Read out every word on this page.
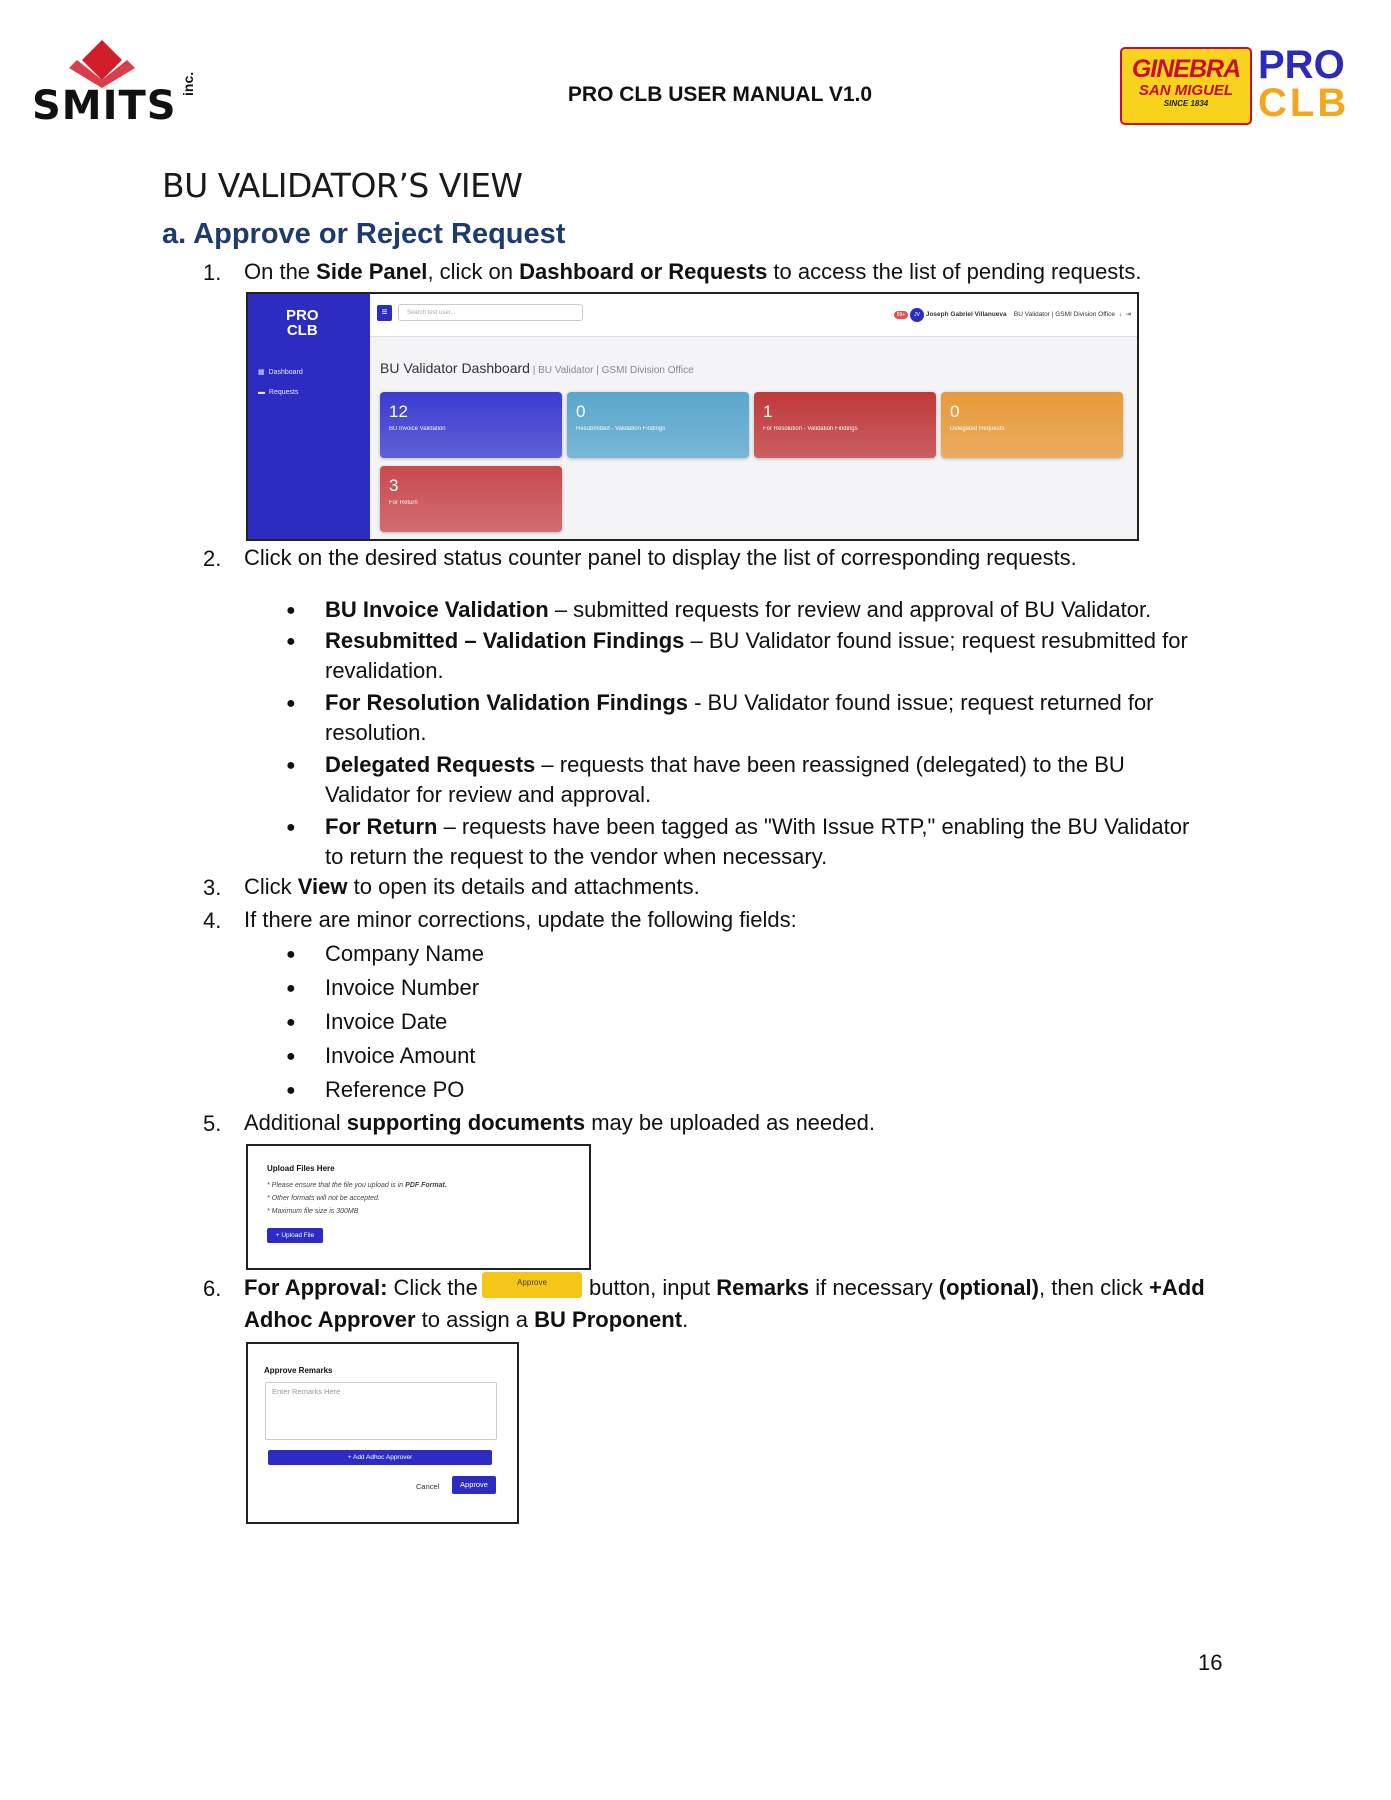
SMITS inc.	PRO CLB USER MANUAL V1.0
GINEBRA
SAN MIGUEL
SINCE 1834
PRO
CLB
BU VALIDATOR’S VIEW
a. Approve or Reject Request
1. On the Side Panel, click on Dashboard or Requests to access the list of pending requests.
PRO
CLB
▦ Dashboard
▬ Requests
≡	Search test user...	99+ JV Joseph Gabriel Villanueva BU Validator | GSMI Division Office ↓ ⇥
BU Validator Dashboard | BU Validator | GSMI Division Office
12
BU Invoice Validation
0
Resubmitted - Validation Findings
1
For Resolution - Validation Findings
0
Delegated Requests
3
For Return
2. Click on the desired status counter panel to display the list of corresponding requests.
● BU Invoice Validation – submitted requests for review and approval of BU Validator.
● Resubmitted – Validation Findings – BU Validator found issue; request resubmitted for
revalidation.
● For Resolution Validation Findings - BU Validator found issue; request returned for
resolution.
● Delegated Requests – requests that have been reassigned (delegated) to the BU
Validator for review and approval.
● For Return – requests have been tagged as "With Issue RTP," enabling the BU Validator
to return the request to the vendor when necessary.
3. Click View to open its details and attachments.
4. If there are minor corrections, update the following fields:
● Company Name
● Invoice Number
● Invoice Date
● Invoice Amount
● Reference PO
5. Additional supporting documents may be uploaded as needed.
Upload Files Here
* Please ensure that the file you upload is in PDF Format.
* Other formats will not be accepted.
* Maximum file size is 300MB
+ Upload File
6. For Approval: Click the	Approve	button, input Remarks if necessary (optional), then click +Add
Adhoc Approver to assign a BU Proponent.
Approve Remarks
Enter Remarks Here
+ Add Adhoc Approver
Cancel	Approve
16
